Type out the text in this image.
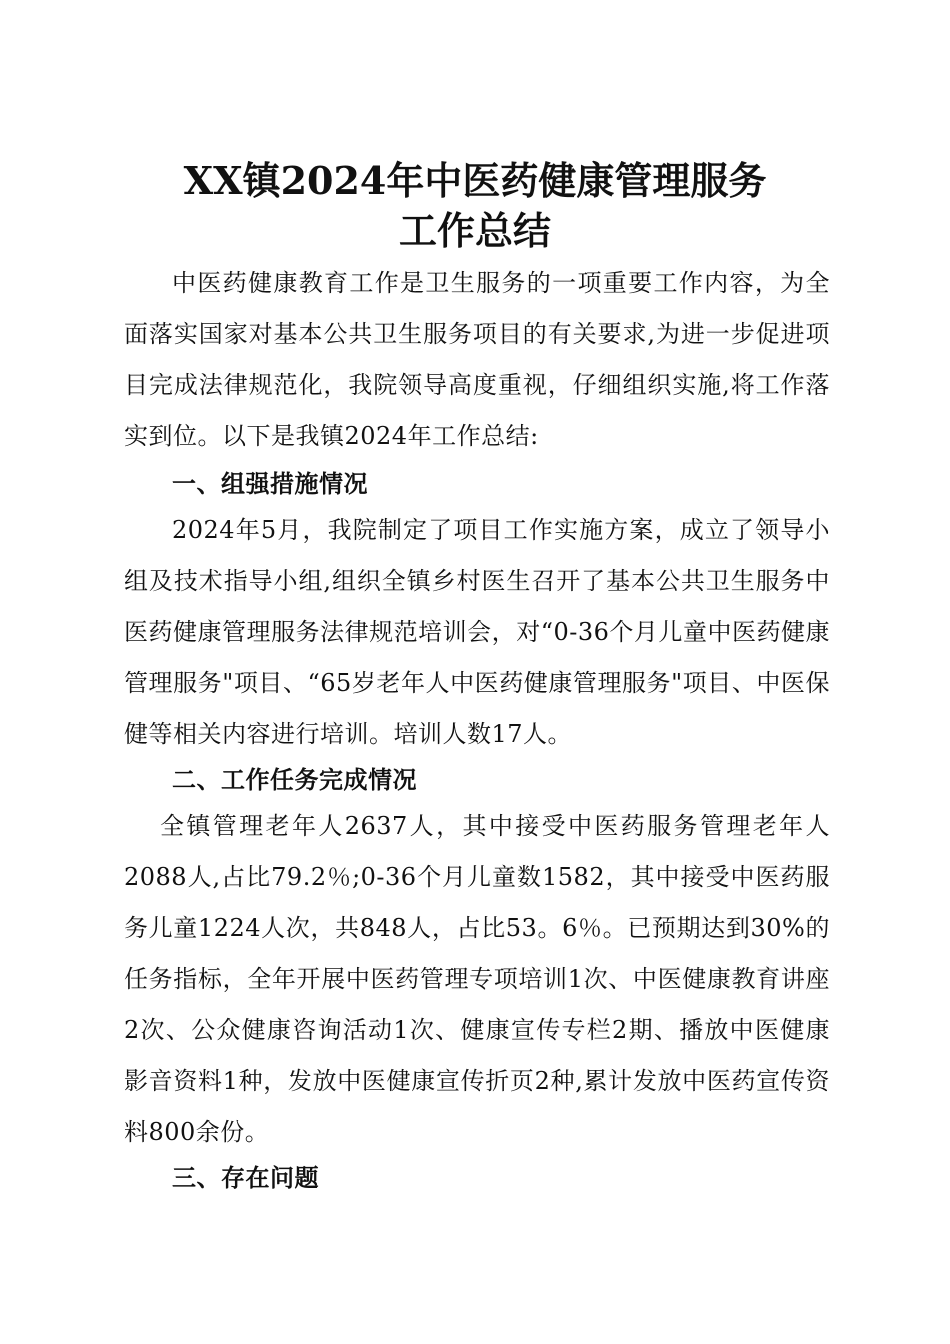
XX镇2024年中医药健康管理服务
工作总结
中医药健康教育工作是卫生服务的一项重要工作内容，为全面落实国家对基本公共卫生服务项目的有关要求,为进一步促进项目完成法律规范化，我院领导高度重视，仔细组织实施,将工作落实到位。以下是我镇2024年工作总结:
一、组强措施情况
2024年5月，我院制定了项目工作实施方案，成立了领导小组及技术指导小组,组织全镇乡村医生召开了基本公共卫生服务中医药健康管理服务法律规范培训会，对“0-36个月儿童中医药健康管理服务"项目、“65岁老年人中医药健康管理服务"项目、中医保健等相关内容进行培训。培训人数17人。
二、工作任务完成情况
全镇管理老年人2637人，其中接受中医药服务管理老年人2088人,占比79.2％;0-36个月儿童数1582，其中接受中医药服务儿童1224人次，共848人，占比53。6％。已预期达到30%的任务指标，全年开展中医药管理专项培训1次、中医健康教育讲座2次、公众健康咨询活动1次、健康宣传专栏2期、播放中医健康影音资料1种，发放中医健康宣传折页2种,累计发放中医药宣传资料800余份。
三、存在问题
